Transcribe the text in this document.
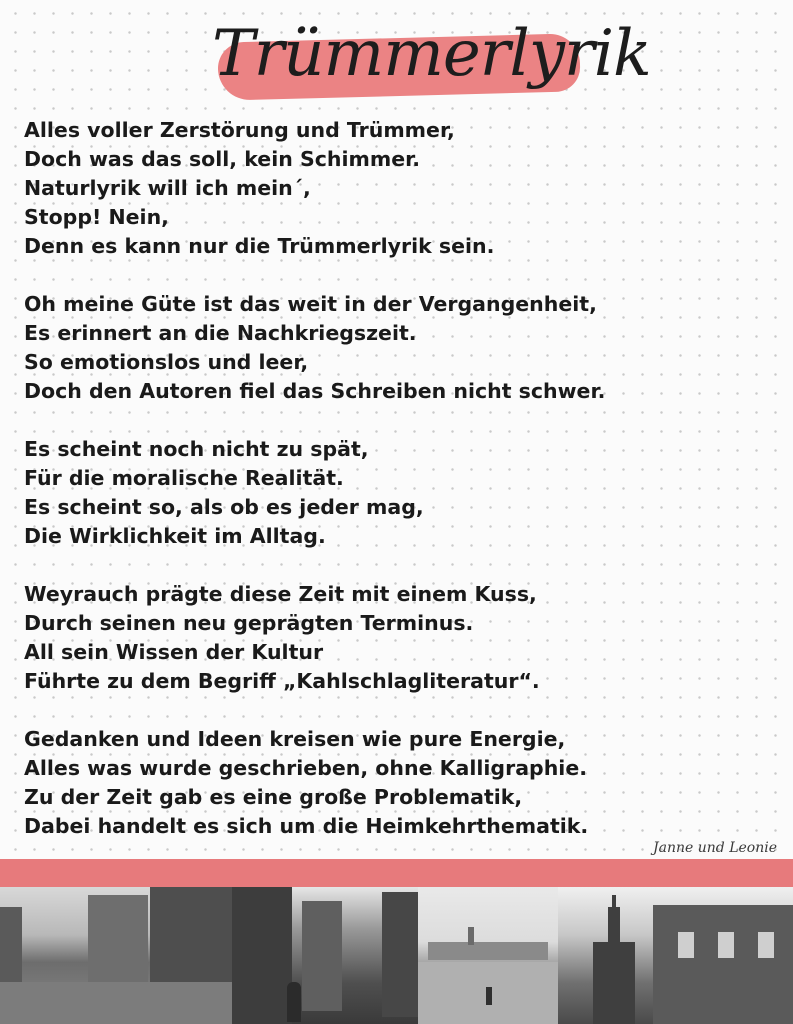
Trümmerlyrik
Alles voller Zerstörung und Trümmer,
Doch was das soll, kein Schimmer.
Naturlyrik will ich mein´,
Stopp! Nein,
Denn es kann nur die Trümmerlyrik sein.
Oh meine Güte ist das weit in der Vergangenheit,
Es erinnert an die Nachkriegszeit.
So emotionslos und leer,
Doch den Autoren fiel das Schreiben nicht schwer.
Es scheint noch nicht zu spät,
Für die moralische Realität.
Es scheint so, als ob es jeder mag,
Die Wirklichkeit im Alltag.
Weyrauch prägte diese Zeit mit einem Kuss,
Durch seinen neu geprägten Terminus.
All sein Wissen der Kultur
Führte zu dem Begriff „Kahlschlagliteratur“.
Gedanken und Ideen kreisen wie pure Energie,
Alles was wurde geschrieben, ohne Kalligraphie.
Zu der Zeit gab es eine große Problematik,
Dabei handelt es sich um die Heimkehrthematik.
Janne und Leonie
